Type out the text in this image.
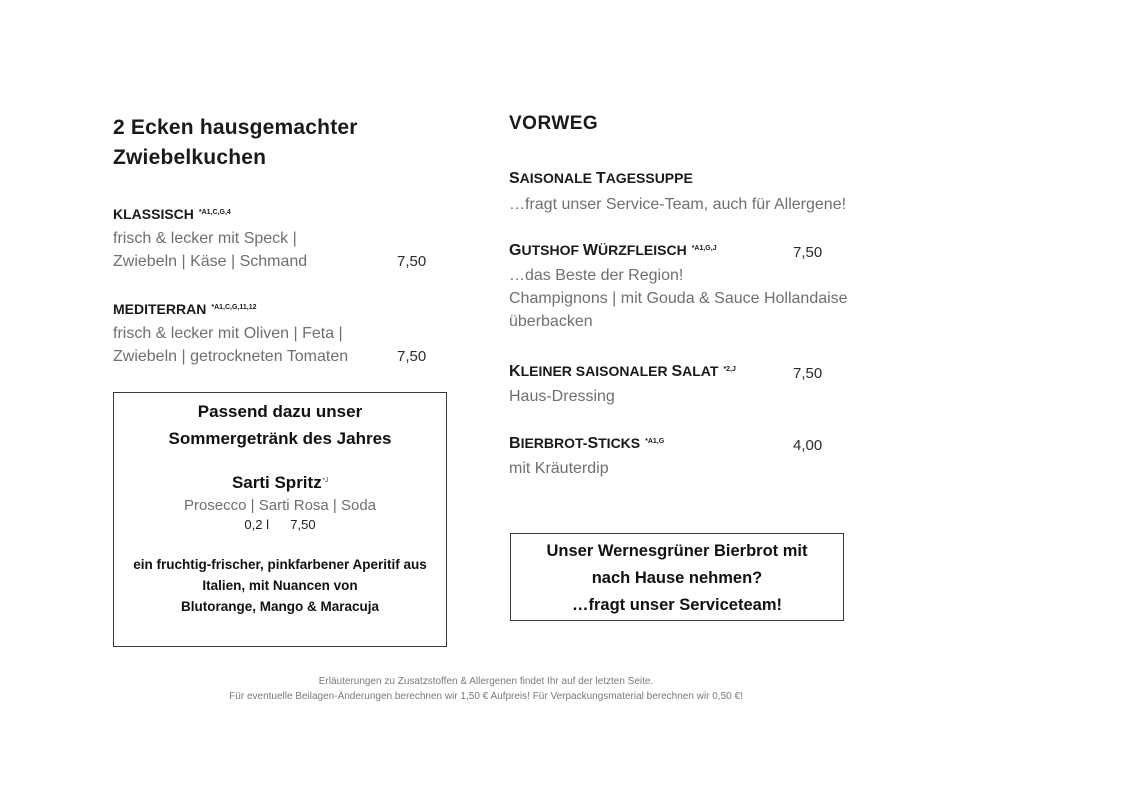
2 Ecken hausgemachter
Zwiebelkuchen
KLASSISCH $^{*A1,C,G,4}$
frisch & lecker mit Speck |
Zwiebeln | Käse | Schmand	7,50
MEDITERRAN $^{*A1,C,G,11,12}$
frisch & lecker mit Oliven | Feta |
Zwiebeln | getrockneten Tomaten	7,50
Passend dazu unser
Sommergetränk des Jahres
Sarti Spritz$^{*J}$
Prosecco | Sarti Rosa | Soda
0,2 l 7,50
ein fruchtig-frischer, pinkfarbener Aperitif aus
Italien, mit Nuancen von
Blutorange, Mango & Maracuja
VORWEG
SAISONALE TAGESSUPPE
…fragt unser Service-Team, auch für Allergene!
GUTSHOF WÜRZFLEISCH $^{*A1,G,J}$	7,50
…das Beste der Region!
Champignons | mit Gouda & Sauce Hollandaise
überbacken
KLEINER SAISONALER SALAT $^{*2,J}$	7,50
Haus-Dressing
BIERBROT-STICKS $^{*A1,G}$	4,00
mit Kräuterdip
Unser Wernesgrüner Bierbrot mit
nach Hause nehmen?
…fragt unser Serviceteam!
Erläuterungen zu Zusatzstoffen & Allergenen findet Ihr auf der letzten Seite.
Für eventuelle Beilagen-Änderungen berechnen wir 1,50 € Aufpreis! Für Verpackungsmaterial berechnen wir 0,50 €!
